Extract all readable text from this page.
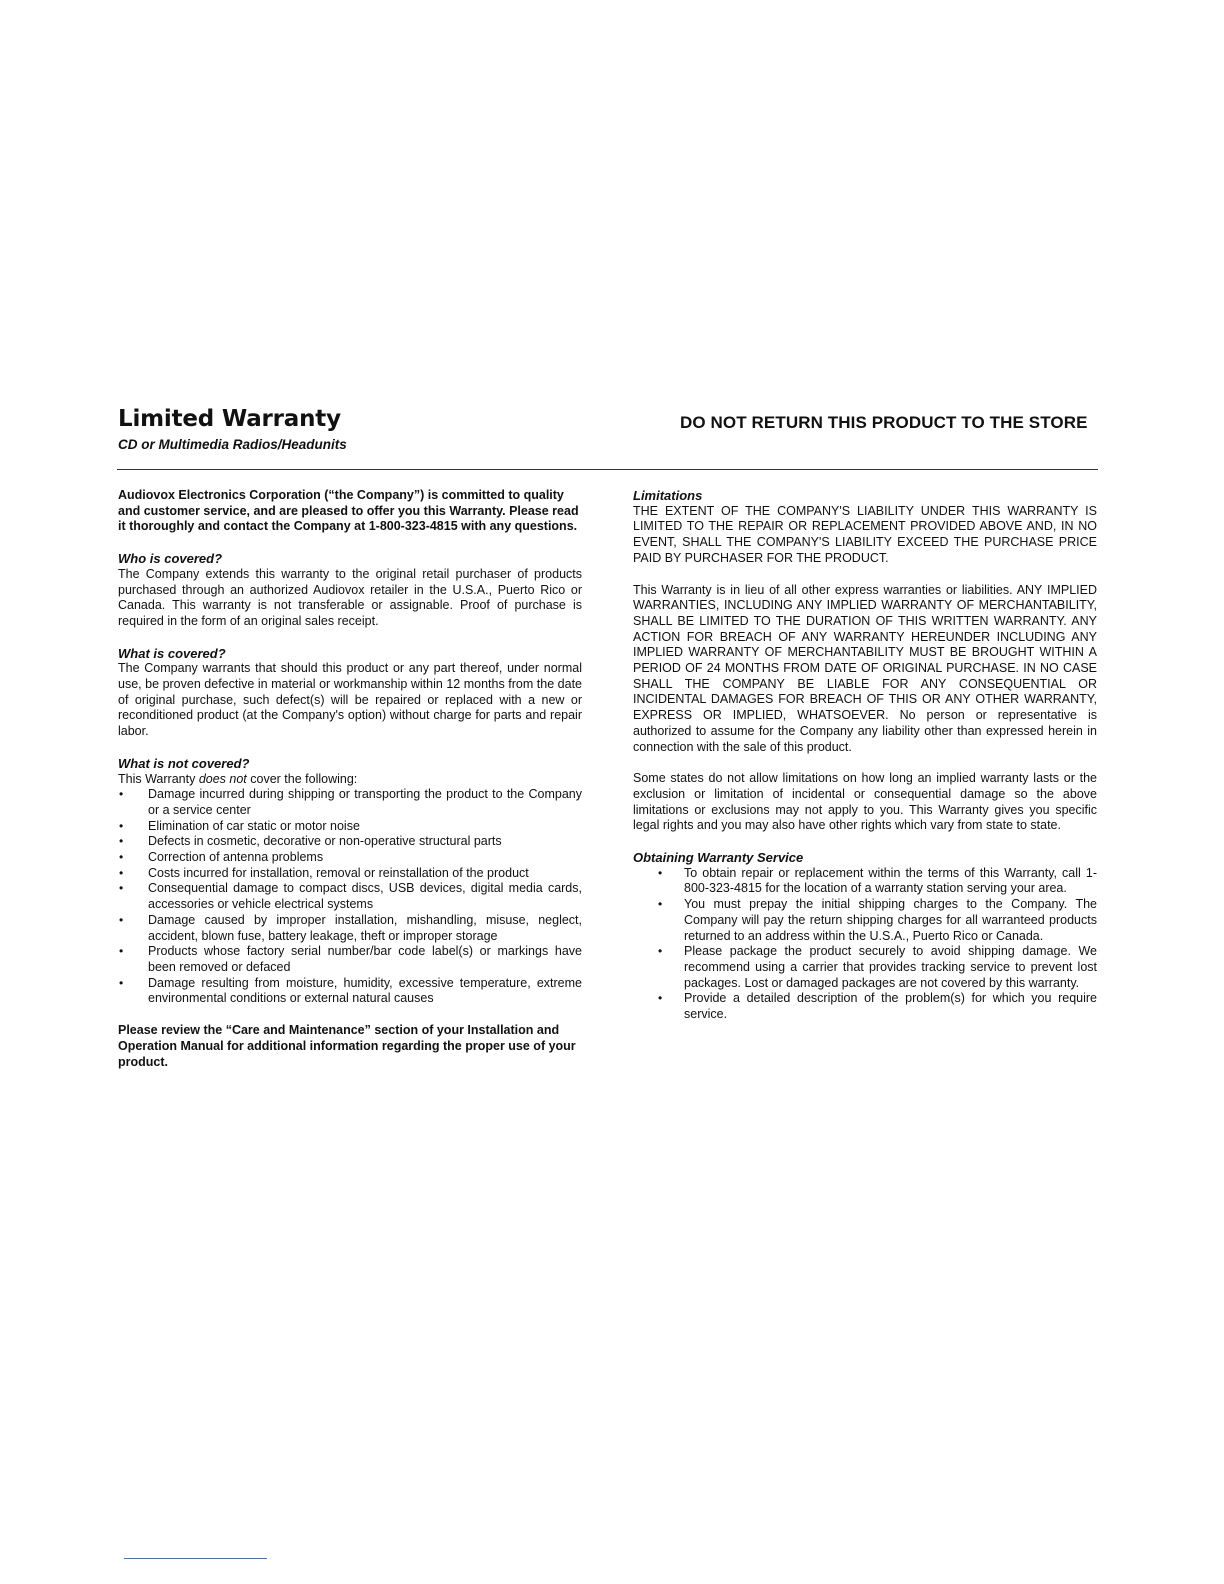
Limited Warranty
CD or Multimedia Radios/Headunits
DO NOT RETURN THIS PRODUCT TO THE STORE

Audiovox Electronics Corporation (“the Company”) is committed to quality and customer service, and are pleased to offer you this Warranty. Please read it thoroughly and contact the Company at 1-800-323-4815 with any questions.

Who is covered?

The Company extends this warranty to the original retail purchaser of products purchased through an authorized Audiovox retailer in the U.S.A., Puerto Rico or Canada. This warranty is not transferable or assignable. Proof of purchase is required in the form of an original sales receipt.

What is covered?

The Company warrants that should this product or any part thereof, under normal use, be proven defective in material or workmanship within 12 months from the date of original purchase, such defect(s) will be repaired or replaced with a new or reconditioned product (at the Company's option) without charge for parts and repair labor.

What is not covered?

This Warranty does not cover the following:

• Damage incurred during shipping or transporting the product to the Company or a service center
• Elimination of car static or motor noise
• Defects in cosmetic, decorative or non-operative structural parts
• Correction of antenna problems
• Costs incurred for installation, removal or reinstallation of the product
• Consequential damage to compact discs, USB devices, digital media cards, accessories or vehicle electrical systems
• Damage caused by improper installation, mishandling, misuse, neglect, accident, blown fuse, battery leakage, theft or improper storage
• Products whose factory serial number/bar code label(s) or markings have been removed or defaced
• Damage resulting from moisture, humidity, excessive temperature, extreme environmental conditions or external natural causes

Please review the “Care and Maintenance” section of your Installation and Operation Manual for additional information regarding the proper use of your product.

Limitations

THE EXTENT OF THE COMPANY'S LIABILITY UNDER THIS WARRANTY IS LIMITED TO THE REPAIR OR REPLACEMENT PROVIDED ABOVE AND, IN NO EVENT, SHALL THE COMPANY'S LIABILITY EXCEED THE PURCHASE PRICE PAID BY PURCHASER FOR THE PRODUCT.

This Warranty is in lieu of all other express warranties or liabilities. ANY IMPLIED WARRANTIES, INCLUDING ANY IMPLIED WARRANTY OF MERCHANTABILITY, SHALL BE LIMITED TO THE DURATION OF THIS WRITTEN WARRANTY. ANY ACTION FOR BREACH OF ANY WARRANTY HEREUNDER INCLUDING ANY IMPLIED WARRANTY OF MERCHANTABILITY MUST BE BROUGHT WITHIN A PERIOD OF 24 MONTHS FROM DATE OF ORIGINAL PURCHASE. IN NO CASE SHALL THE COMPANY BE LIABLE FOR ANY CONSEQUENTIAL OR INCIDENTAL DAMAGES FOR BREACH OF THIS OR ANY OTHER WARRANTY, EXPRESS OR IMPLIED, WHATSOEVER. No person or representative is authorized to assume for the Company any liability other than expressed herein in connection with the sale of this product.

Some states do not allow limitations on how long an implied warranty lasts or the exclusion or limitation of incidental or consequential damage so the above limitations or exclusions may not apply to you. This Warranty gives you specific legal rights and you may also have other rights which vary from state to state.

Obtaining Warranty Service

• To obtain repair or replacement within the terms of this Warranty, call 1-800-323-4815 for the location of a warranty station serving your area.
• You must prepay the initial shipping charges to the Company. The Company will pay the return shipping charges for all warranteed products returned to an address within the U.S.A., Puerto Rico or Canada.
• Please package the product securely to avoid shipping damage. We recommend using a carrier that provides tracking service to prevent lost packages. Lost or damaged packages are not covered by this warranty.
• Provide a detailed description of the problem(s) for which you require service.
